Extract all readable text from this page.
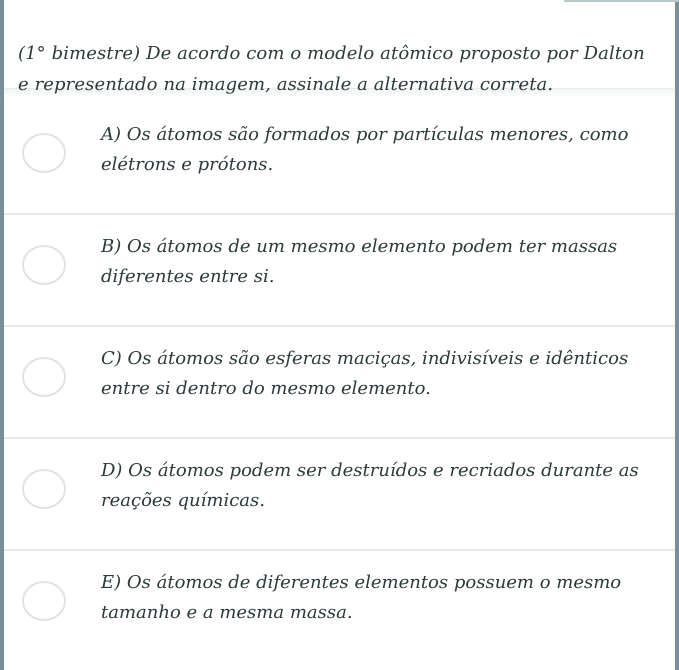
(1° bimestre) De acordo com o modelo atômico proposto por Dalton e representado na imagem, assinale a alternativa correta.
A) Os átomos são formados por partículas menores, como elétrons e prótons.
B) Os átomos de um mesmo elemento podem ter massas diferentes entre si.
C) Os átomos são esferas maciças, indivisíveis e idênticos entre si dentro do mesmo elemento.
D) Os átomos podem ser destruídos e recriados durante as reações químicas.
E) Os átomos de diferentes elementos possuem o mesmo tamanho e a mesma massa.
